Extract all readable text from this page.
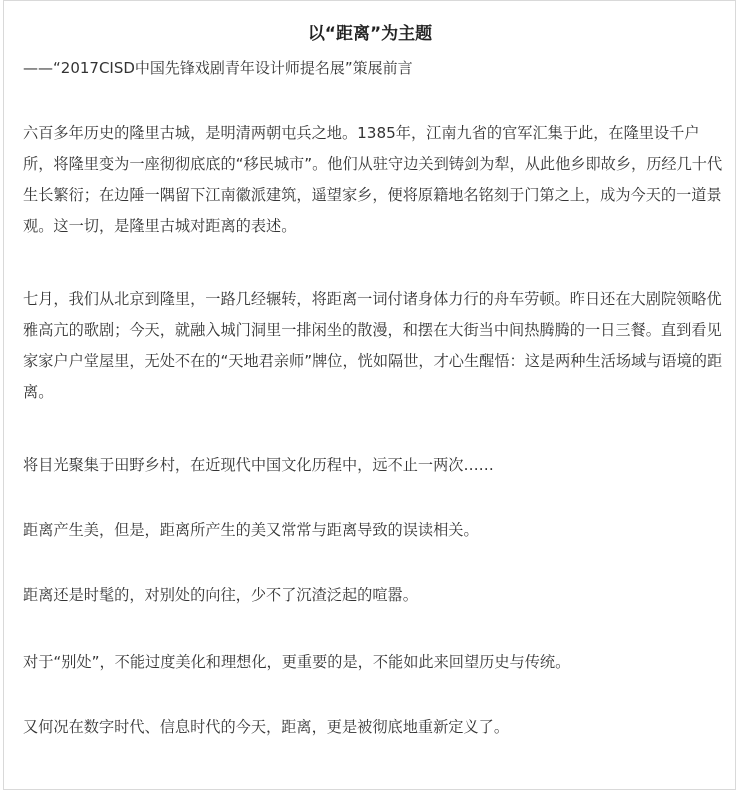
以“距离”为主题
——“2017CISD中国先锋戏剧青年设计师提名展”策展前言

六百多年历史的隆里古城，是明清两朝屯兵之地。1385年，江南九省的官军汇集于此，在隆里设千户所，将隆里变为一座彻彻底底的“移民城市”。他们从驻守边关到铸剑为犁，从此他乡即故乡，历经几十代生长繁衍；在边陲一隅留下江南徽派建筑，遥望家乡，便将原籍地名铭刻于门第之上，成为今天的一道景观。这一切，是隆里古城对距离的表述。

七月，我们从北京到隆里，一路几经辗转，将距离一词付诸身体力行的舟车劳顿。昨日还在大剧院领略优雅高亢的歌剧；今天，就融入城门洞里一排闲坐的散漫，和摆在大街当中间热腾腾的一日三餐。直到看见家家户户堂屋里，无处不在的“天地君亲师”牌位，恍如隔世，才心生醒悟：这是两种生活场域与语境的距离。

将目光聚集于田野乡村，在近现代中国文化历程中，远不止一两次……

距离产生美，但是，距离所产生的美又常常与距离导致的误读相关。

距离还是时髦的，对别处的向往，少不了沉渣泛起的喧嚣。

对于“别处”，不能过度美化和理想化，更重要的是，不能如此来回望历史与传统。

又何况在数字时代、信息时代的今天，距离，更是被彻底地重新定义了。
